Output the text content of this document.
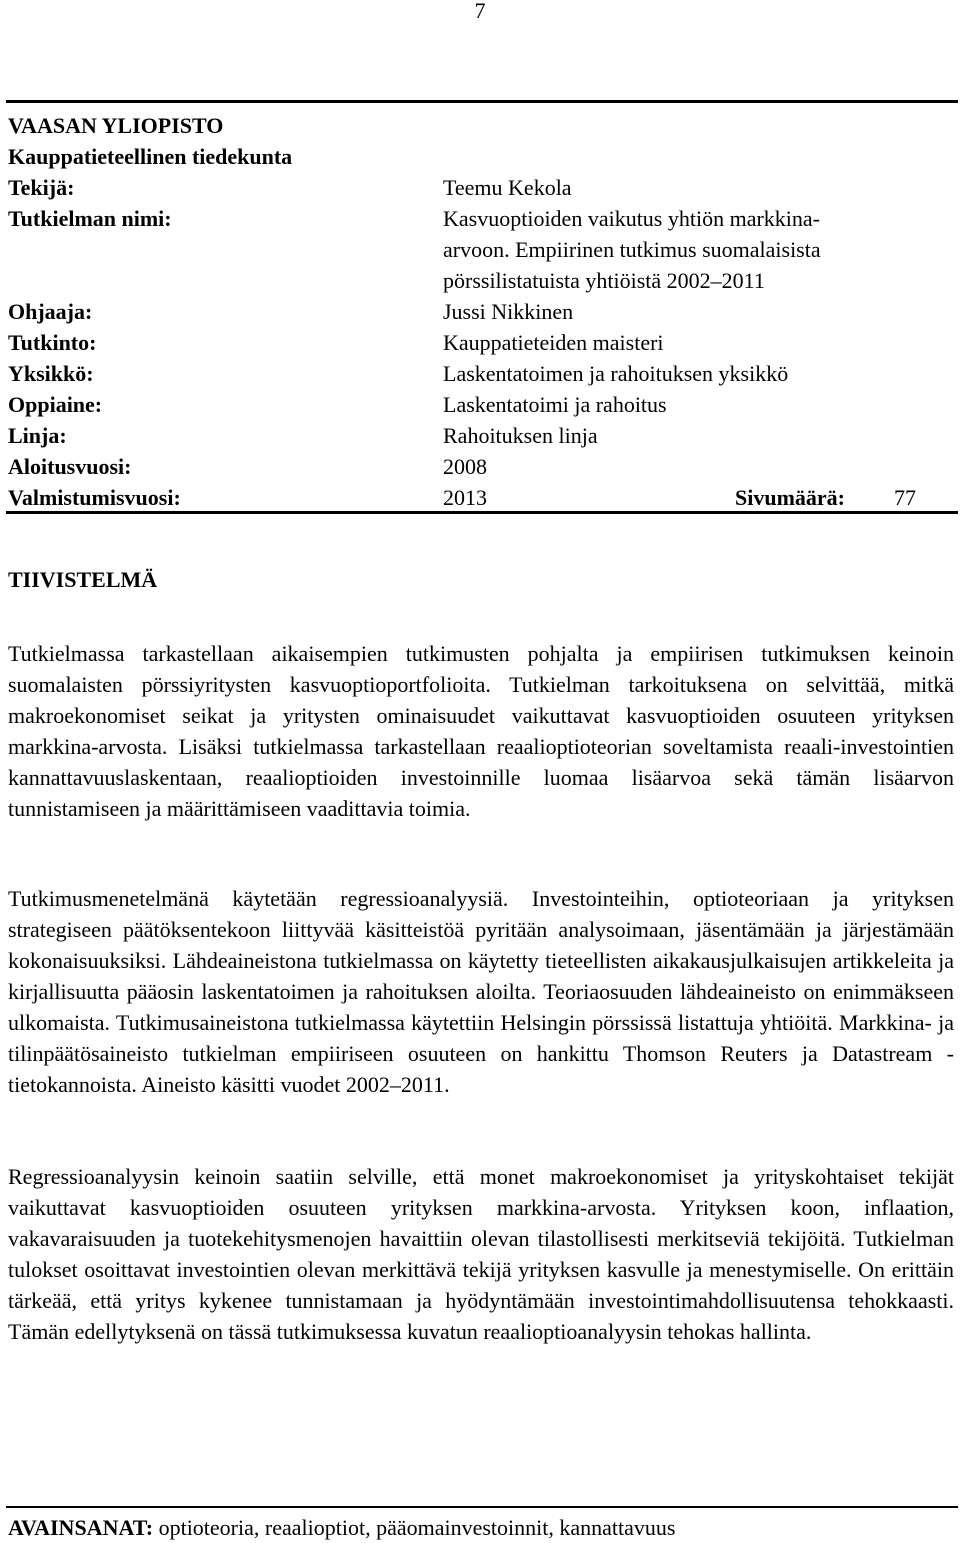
7
VAASAN YLIOPISTO
Kauppatieteellinen tiedekunta
Tekijä:	Teemu Kekola
Tutkielman nimi:	Kasvuoptioiden vaikutus yhtiön markkina-
arvoon. Empiirinen tutkimus suomalaisista
pörssilistatuista yhtiöistä 2002–2011
Ohjaaja:	Jussi Nikkinen
Tutkinto:	Kauppatieteiden maisteri
Yksikkö:	Laskentatoimen ja rahoituksen yksikkö
Oppiaine:	Laskentatoimi ja rahoitus
Linja:	Rahoituksen linja
Aloitusvuosi:	2008
Valmistumisvuosi:	2013	Sivumäärä: 77
TIIVISTELMÄ

Tutkielmassa tarkastellaan aikaisempien tutkimusten pohjalta ja empiirisen tutkimuksen keinoin suomalaisten pörssiyritysten kasvuoptioportfolioita. Tutkielman tarkoituksena on selvittää, mitkä makroekonomiset seikat ja yritysten ominaisuudet vaikuttavat kasvuoptioiden osuuteen yrityksen markkina-arvosta. Lisäksi tutkielmassa tarkastellaan reaalioptioteorian soveltamista reaali-investointien kannattavuuslaskentaan, reaalioptioiden investoinnille luomaa lisäarvoa sekä tämän lisäarvon tunnistamiseen ja määrittämiseen vaadittavia toimia.

Tutkimusmenetelmänä käytetään regressioanalyysiä. Investointeihin, optioteoriaan ja yrityksen strategiseen päätöksentekoon liittyvää käsitteistöä pyritään analysoimaan, jäsentämään ja järjestämään kokonaisuuksiksi. Lähdeaineistona tutkielmassa on käytetty tieteellisten aikakausjulkaisujen artikkeleita ja kirjallisuutta pääosin laskentatoimen ja rahoituksen aloilta. Teoriaosuuden lähdeaineisto on enimmäkseen ulkomaista. Tutkimusaineistona tutkielmassa käytettiin Helsingin pörssissä listattuja yhtiöitä. Markkina- ja tilinpäätösaineisto tutkielman empiiriseen osuuteen on hankittu Thomson Reuters ja Datastream -tietokannoista. Aineisto käsitti vuodet 2002–2011.

Regressioanalyysin keinoin saatiin selville, että monet makroekonomiset ja yrityskohtaiset tekijät vaikuttavat kasvuoptioiden osuuteen yrityksen markkina-arvosta. Yrityksen koon, inflaation, vakavaraisuuden ja tuotekehitysmenojen havaittiin olevan tilastollisesti merkitseviä tekijöitä. Tutkielman tulokset osoittavat investointien olevan merkittävä tekijä yrityksen kasvulle ja menestymiselle. On erittäin tärkeää, että yritys kykenee tunnistamaan ja hyödyntämään investointimahdollisuutensa tehokkaasti. Tämän edellytyksenä on tässä tutkimuksessa kuvatun reaalioptioanalyysin tehokas hallinta.

AVAINSANAT: optioteoria, reaalioptiot, pääomainvestoinnit, kannattavuus
